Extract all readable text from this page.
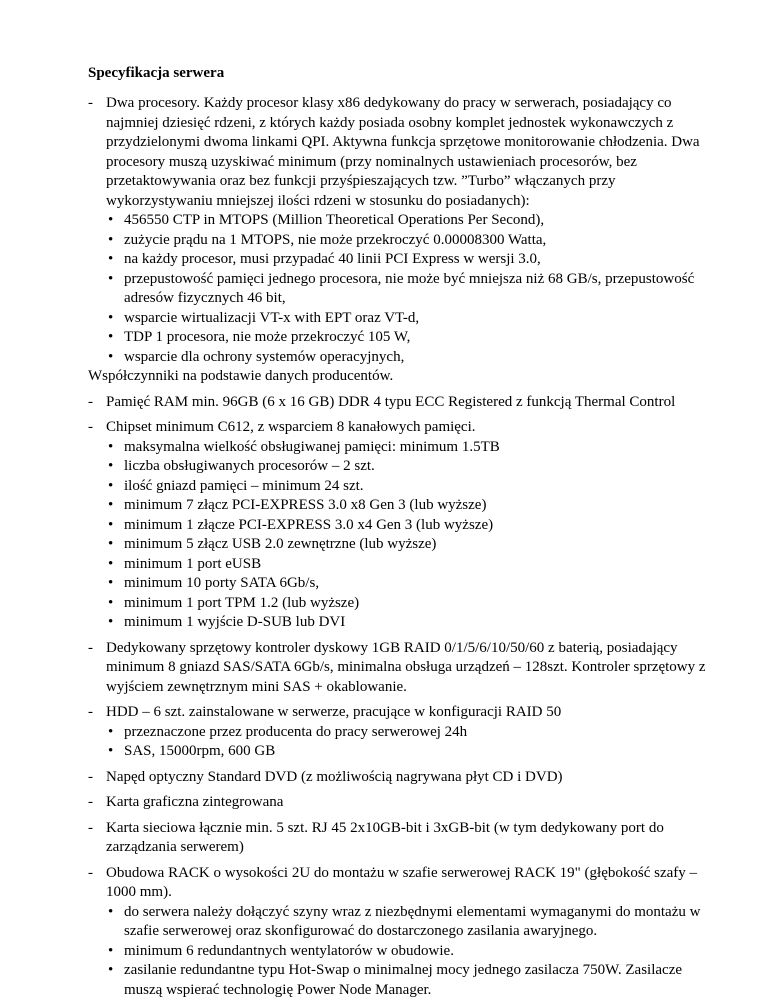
Specyfikacja serwera
- Dwa procesory. Każdy procesor klasy x86 dedykowany do pracy w serwerach, posiadający co najmniej dziesięć rdzeni, z których każdy posiada osobny komplet jednostek wykonawczych z przydzielonymi dwoma linkami QPI. Aktywna funkcja sprzętowe monitorowanie chłodzenia. Dwa procesory muszą uzyskiwać minimum (przy nominalnych ustawieniach procesorów, bez przetaktowywania oraz bez funkcji przyśpieszających tzw. ”Turbo” włączanych przy wykorzystywaniu mniejszej ilości rdzeni w stosunku do posiadanych):
• 456550 CTP in MTOPS (Million Theoretical Operations Per Second),
• zużycie prądu na 1 MTOPS, nie może przekroczyć 0.00008300 Watta,
• na każdy procesor, musi przypadać 40 linii PCI Express w wersji 3.0,
• przepustowość pamięci jednego procesora, nie może być mniejsza niż 68 GB/s, przepustowość adresów fizycznych 46 bit,
• wsparcie wirtualizacji VT-x with EPT oraz VT-d,
• TDP 1 procesora, nie może przekroczyć 105 W,
• wsparcie dla ochrony systemów operacyjnych,
Współczynniki na podstawie danych producentów.
- Pamięć RAM min. 96GB (6 x 16 GB) DDR 4 typu ECC Registered z funkcją Thermal Control
- Chipset minimum C612, z wsparciem 8 kanałowych pamięci.
• maksymalna wielkość obsługiwanej pamięci: minimum 1.5TB
• liczba obsługiwanych procesorów – 2 szt.
• ilość gniazd pamięci – minimum 24 szt.
• minimum 7 złącz PCI-EXPRESS 3.0 x8 Gen 3 (lub wyższe)
• minimum 1 złącze PCI-EXPRESS 3.0 x4 Gen 3 (lub wyższe)
• minimum 5 złącz USB 2.0 zewnętrzne (lub wyższe)
• minimum 1 port eUSB
• minimum 10 porty SATA 6Gb/s,
• minimum 1 port TPM 1.2 (lub wyższe)
• minimum 1 wyjście D-SUB lub DVI
- Dedykowany sprzętowy kontroler dyskowy 1GB RAID 0/1/5/6/10/50/60 z baterią, posiadający minimum 8 gniazd SAS/SATA 6Gb/s, minimalna obsługa urządzeń – 128szt. Kontroler sprzętowy z wyjściem zewnętrznym mini SAS + okablowanie.
- HDD – 6 szt. zainstalowane w serwerze, pracujące w konfiguracji RAID 50
• przeznaczone przez producenta do pracy serwerowej 24h
• SAS, 15000rpm, 600 GB
- Napęd optyczny Standard DVD (z możliwością nagrywana płyt CD i DVD)
- Karta graficzna zintegrowana
- Karta sieciowa łącznie min. 5 szt. RJ 45 2x10GB-bit i 3xGB-bit (w tym dedykowany port do zarządzania serwerem)
- Obudowa RACK o wysokości 2U do montażu w szafie serwerowej RACK 19" (głębokość szafy – 1000 mm).
• do serwera należy dołączyć szyny wraz z niezbędnymi elementami wymaganymi do montażu w szafie serwerowej oraz skonfigurować do dostarczonego zasilania awaryjnego.
• minimum 6 redundantnych wentylatorów w obudowie.
• zasilanie redundantne typu Hot-Swap o minimalnej mocy jednego zasilacza 750W. Zasilacze muszą wspierać technologię Power Node Manager.
